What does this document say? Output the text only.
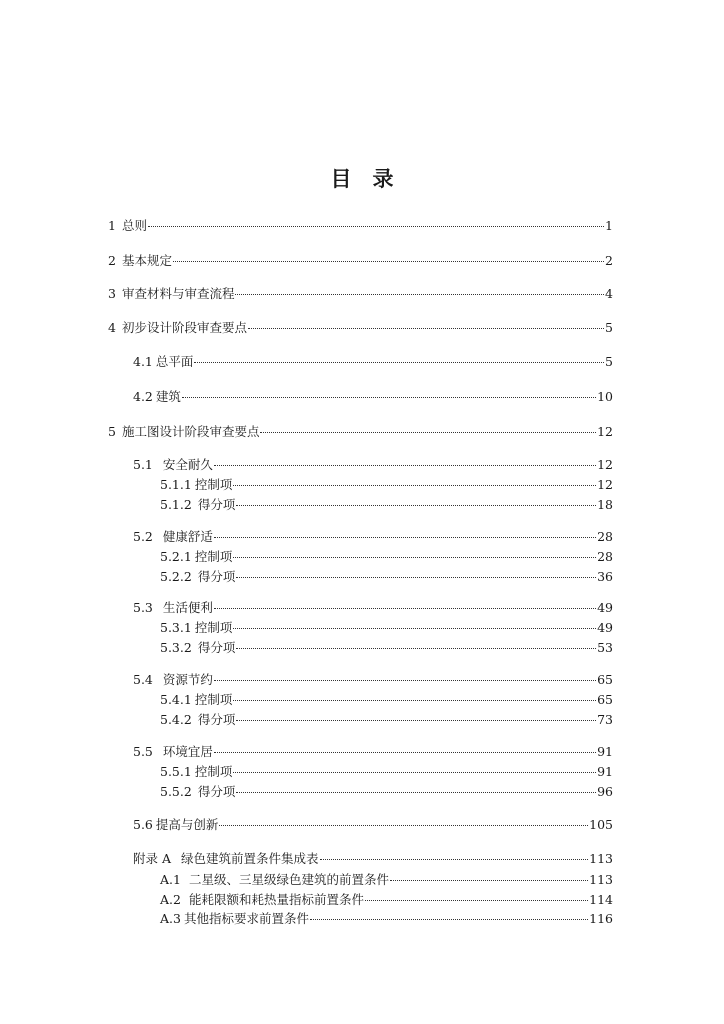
目　录
1 总则	1
2 基本规定	2
3 审查材料与审查流程	4
4 初步设计阶段审查要点	5
4.1 总平面	5
4.2 建筑	10
5 施工图设计阶段审查要点	12
5.1 安全耐久	12
5.1.1 控制项	12
5.1.2 得分项	18
5.2 健康舒适	28
5.2.1 控制项	28
5.2.2 得分项	36
5.3 生活便利	49
5.3.1 控制项	49
5.3.2 得分项	53
5.4 资源节约	65
5.4.1 控制项	65
5.4.2 得分项	73
5.5 环境宜居	91
5.5.1 控制项	91
5.5.2 得分项	96
5.6 提高与创新	105
附录 A 绿色建筑前置条件集成表	113
A.1 二星级、三星级绿色建筑的前置条件	113
A.2 能耗限额和耗热量指标前置条件	114
A.3 其他指标要求前置条件	116
